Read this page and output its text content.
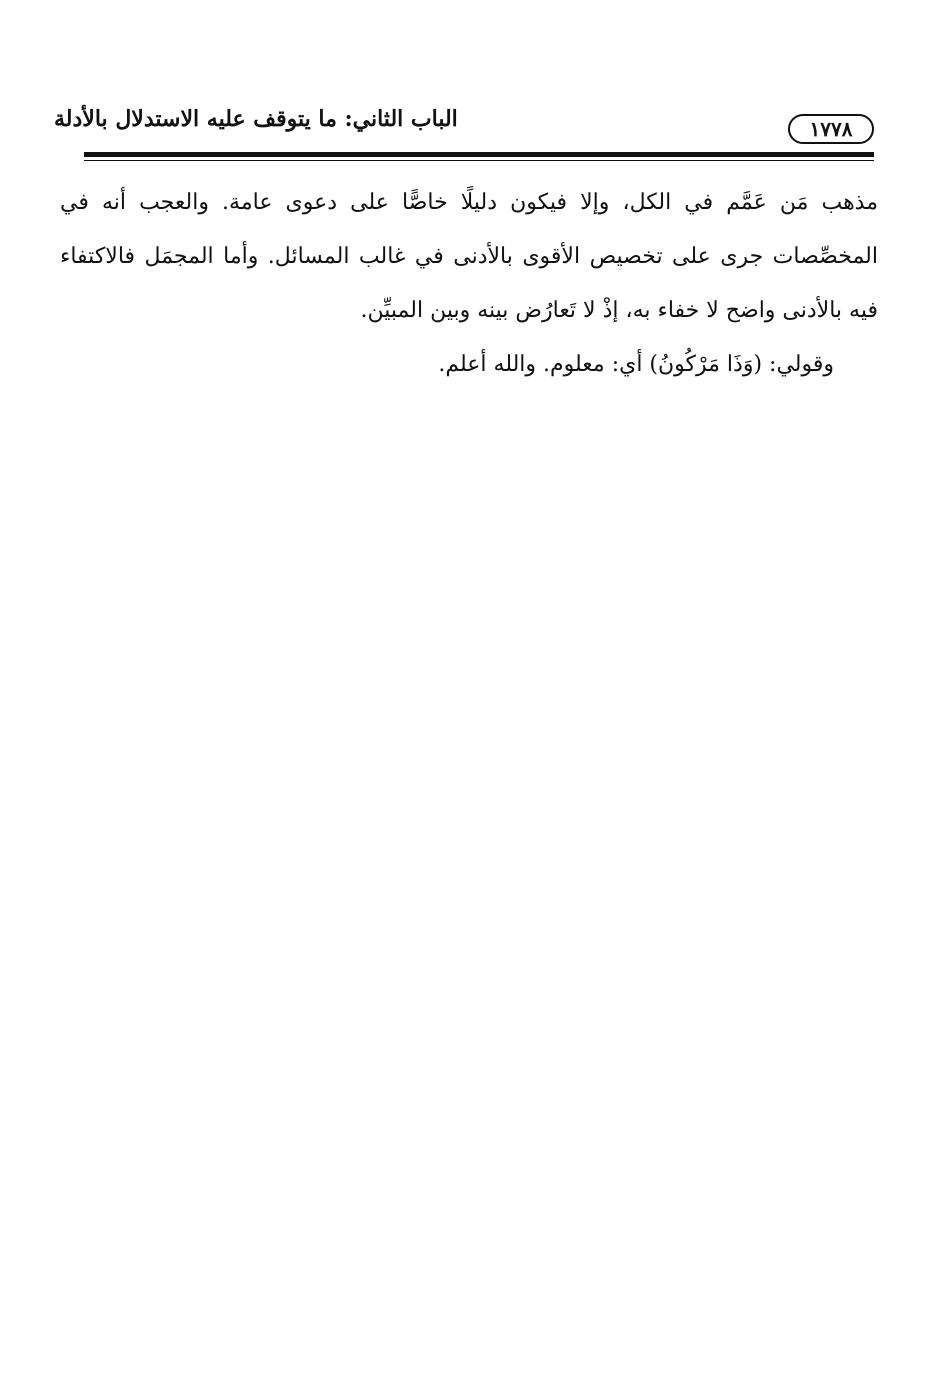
الباب الثاني: ما يتوقف عليه الاستدلال بالأدلة	١٧٧٨
مذهب مَن عَمَّم في الكل، وإلا فيكون دليلًا خاصًّا على دعوى عامة. والعجب أنه في
المخصِّصات جرى على تخصيص الأقوى بالأدنى في غالب المسائل. وأما المجمَل فالاكتفاء
فيه بالأدنى واضح لا خفاء به، إذْ لا تَعارُض بينه وبين المبيِّن.
وقولي: (وَذَا مَرْكُونُ) أي: معلوم. والله أعلم.
